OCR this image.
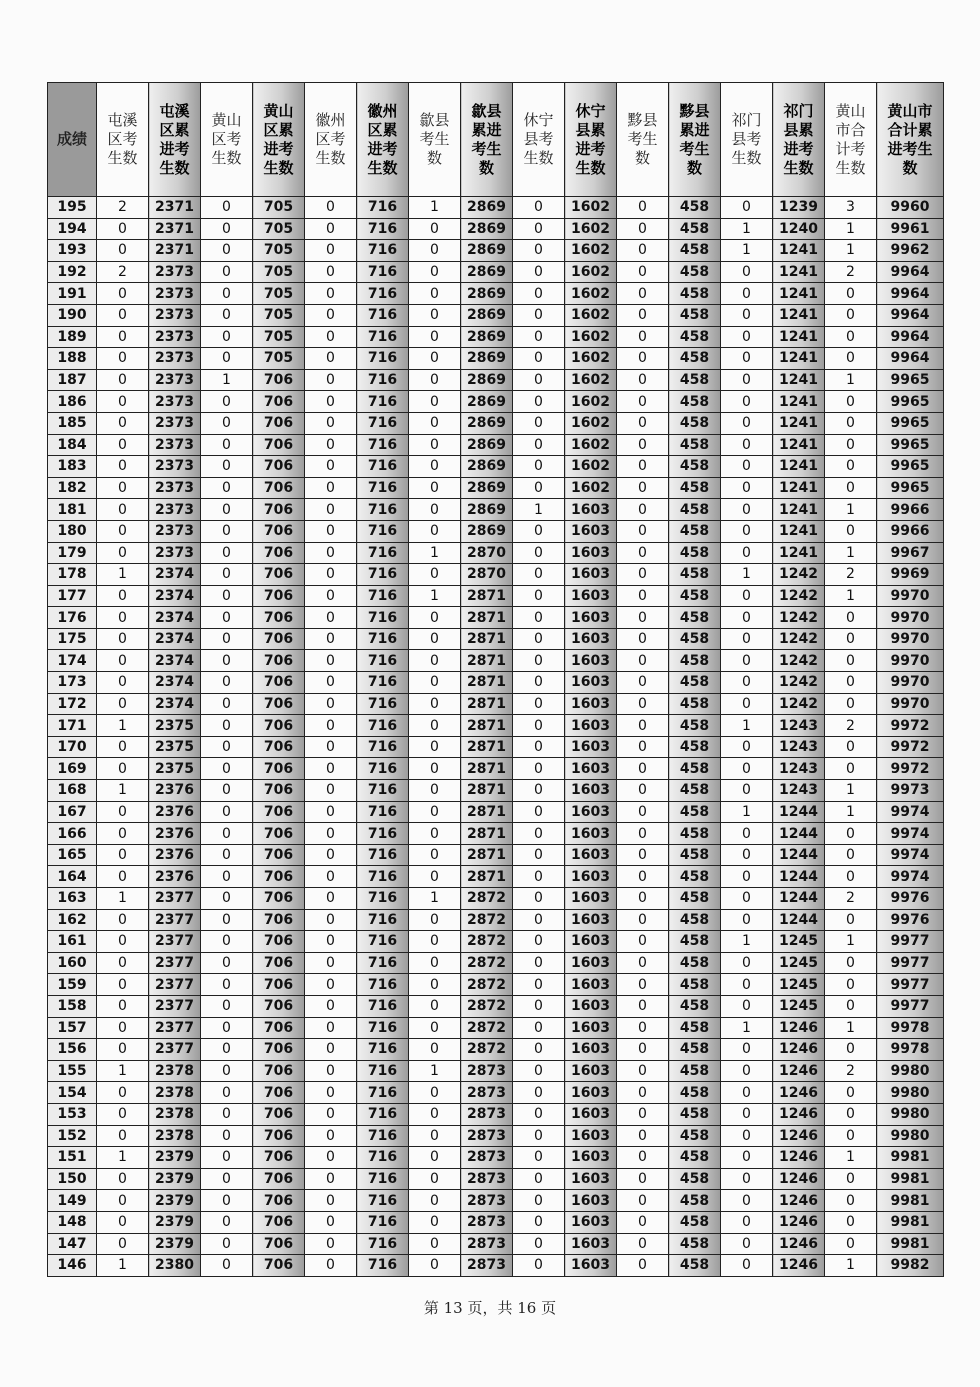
成绩	屯溪区考生数	屯溪区累进考生数	黄山区考生数	黄山区累进考生数	徽州区考生数	徽州区累进考生数	歙县考生数	歙县累进考生数	休宁县考生数	休宁县累进考生数	黟县考生数	黟县累进考生数	祁门县考生数	祁门县累进考生数	黄山市合计考生数	黄山市合计累进考生数
195	2	2371	0	705	0	716	1	2869	0	1602	0	458	0	1239	3	9960
194	0	2371	0	705	0	716	0	2869	0	1602	0	458	1	1240	1	9961
193	0	2371	0	705	0	716	0	2869	0	1602	0	458	1	1241	1	9962
192	2	2373	0	705	0	716	0	2869	0	1602	0	458	0	1241	2	9964
191	0	2373	0	705	0	716	0	2869	0	1602	0	458	0	1241	0	9964
190	0	2373	0	705	0	716	0	2869	0	1602	0	458	0	1241	0	9964
189	0	2373	0	705	0	716	0	2869	0	1602	0	458	0	1241	0	9964
188	0	2373	0	705	0	716	0	2869	0	1602	0	458	0	1241	0	9964
187	0	2373	1	706	0	716	0	2869	0	1602	0	458	0	1241	1	9965
186	0	2373	0	706	0	716	0	2869	0	1602	0	458	0	1241	0	9965
185	0	2373	0	706	0	716	0	2869	0	1602	0	458	0	1241	0	9965
184	0	2373	0	706	0	716	0	2869	0	1602	0	458	0	1241	0	9965
183	0	2373	0	706	0	716	0	2869	0	1602	0	458	0	1241	0	9965
182	0	2373	0	706	0	716	0	2869	0	1602	0	458	0	1241	0	9965
181	0	2373	0	706	0	716	0	2869	1	1603	0	458	0	1241	1	9966
180	0	2373	0	706	0	716	0	2869	0	1603	0	458	0	1241	0	9966
179	0	2373	0	706	0	716	1	2870	0	1603	0	458	0	1241	1	9967
178	1	2374	0	706	0	716	0	2870	0	1603	0	458	1	1242	2	9969
177	0	2374	0	706	0	716	1	2871	0	1603	0	458	0	1242	1	9970
176	0	2374	0	706	0	716	0	2871	0	1603	0	458	0	1242	0	9970
175	0	2374	0	706	0	716	0	2871	0	1603	0	458	0	1242	0	9970
174	0	2374	0	706	0	716	0	2871	0	1603	0	458	0	1242	0	9970
173	0	2374	0	706	0	716	0	2871	0	1603	0	458	0	1242	0	9970
172	0	2374	0	706	0	716	0	2871	0	1603	0	458	0	1242	0	9970
171	1	2375	0	706	0	716	0	2871	0	1603	0	458	1	1243	2	9972
170	0	2375	0	706	0	716	0	2871	0	1603	0	458	0	1243	0	9972
169	0	2375	0	706	0	716	0	2871	0	1603	0	458	0	1243	0	9972
168	1	2376	0	706	0	716	0	2871	0	1603	0	458	0	1243	1	9973
167	0	2376	0	706	0	716	0	2871	0	1603	0	458	1	1244	1	9974
166	0	2376	0	706	0	716	0	2871	0	1603	0	458	0	1244	0	9974
165	0	2376	0	706	0	716	0	2871	0	1603	0	458	0	1244	0	9974
164	0	2376	0	706	0	716	0	2871	0	1603	0	458	0	1244	0	9974
163	1	2377	0	706	0	716	1	2872	0	1603	0	458	0	1244	2	9976
162	0	2377	0	706	0	716	0	2872	0	1603	0	458	0	1244	0	9976
161	0	2377	0	706	0	716	0	2872	0	1603	0	458	1	1245	1	9977
160	0	2377	0	706	0	716	0	2872	0	1603	0	458	0	1245	0	9977
159	0	2377	0	706	0	716	0	2872	0	1603	0	458	0	1245	0	9977
158	0	2377	0	706	0	716	0	2872	0	1603	0	458	0	1245	0	9977
157	0	2377	0	706	0	716	0	2872	0	1603	0	458	1	1246	1	9978
156	0	2377	0	706	0	716	0	2872	0	1603	0	458	0	1246	0	9978
155	1	2378	0	706	0	716	1	2873	0	1603	0	458	0	1246	2	9980
154	0	2378	0	706	0	716	0	2873	0	1603	0	458	0	1246	0	9980
153	0	2378	0	706	0	716	0	2873	0	1603	0	458	0	1246	0	9980
152	0	2378	0	706	0	716	0	2873	0	1603	0	458	0	1246	0	9980
151	1	2379	0	706	0	716	0	2873	0	1603	0	458	0	1246	1	9981
150	0	2379	0	706	0	716	0	2873	0	1603	0	458	0	1246	0	9981
149	0	2379	0	706	0	716	0	2873	0	1603	0	458	0	1246	0	9981
148	0	2379	0	706	0	716	0	2873	0	1603	0	458	0	1246	0	9981
147	0	2379	0	706	0	716	0	2873	0	1603	0	458	0	1246	0	9981
146	1	2380	0	706	0	716	0	2873	0	1603	0	458	0	1246	1	9982
第 13 页，共 16 页
